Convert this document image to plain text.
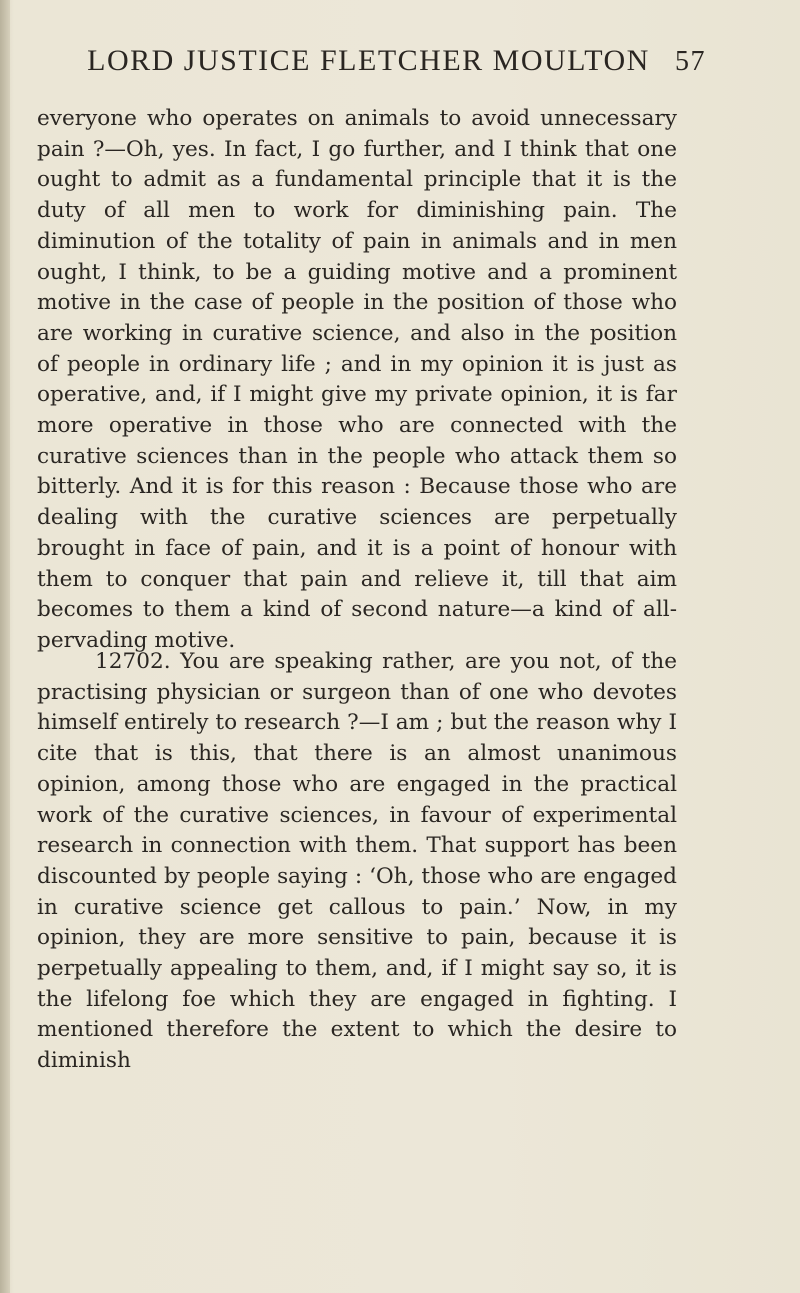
LORD JUSTICE FLETCHER MOULTON 57

everyone who operates on animals to avoid unnecessary pain ?—Oh, yes. In fact, I go further, and I think that one ought to admit as a fundamental principle that it is the duty of all men to work for diminishing pain. The diminution of the totality of pain in animals and in men ought, I think, to be a guiding motive and a prominent motive in the case of people in the position of those who are working in curative science, and also in the position of people in ordinary life ; and in my opinion it is just as operative, and, if I might give my private opinion, it is far more operative in those who are connected with the curative sciences than in the people who attack them so bitterly. And it is for this reason : Because those who are dealing with the curative sciences are perpetually brought in face of pain, and it is a point of honour with them to conquer that pain and relieve it, till that aim becomes to them a kind of second nature—a kind of all-pervading motive.

12702. You are speaking rather, are you not, of the practising physician or surgeon than of one who devotes himself entirely to research ?—I am ; but the reason why I cite that is this, that there is an almost unanimous opinion, among those who are engaged in the practical work of the curative sciences, in favour of experimental research in connection with them. That support has been discounted by people saying : ‘Oh, those who are engaged in curative science get callous to pain.’ Now, in my opinion, they are more sensitive to pain, because it is perpetually appealing to them, and, if I might say so, it is the lifelong foe which they are engaged in fighting. I mentioned therefore the extent to which the desire to diminish
